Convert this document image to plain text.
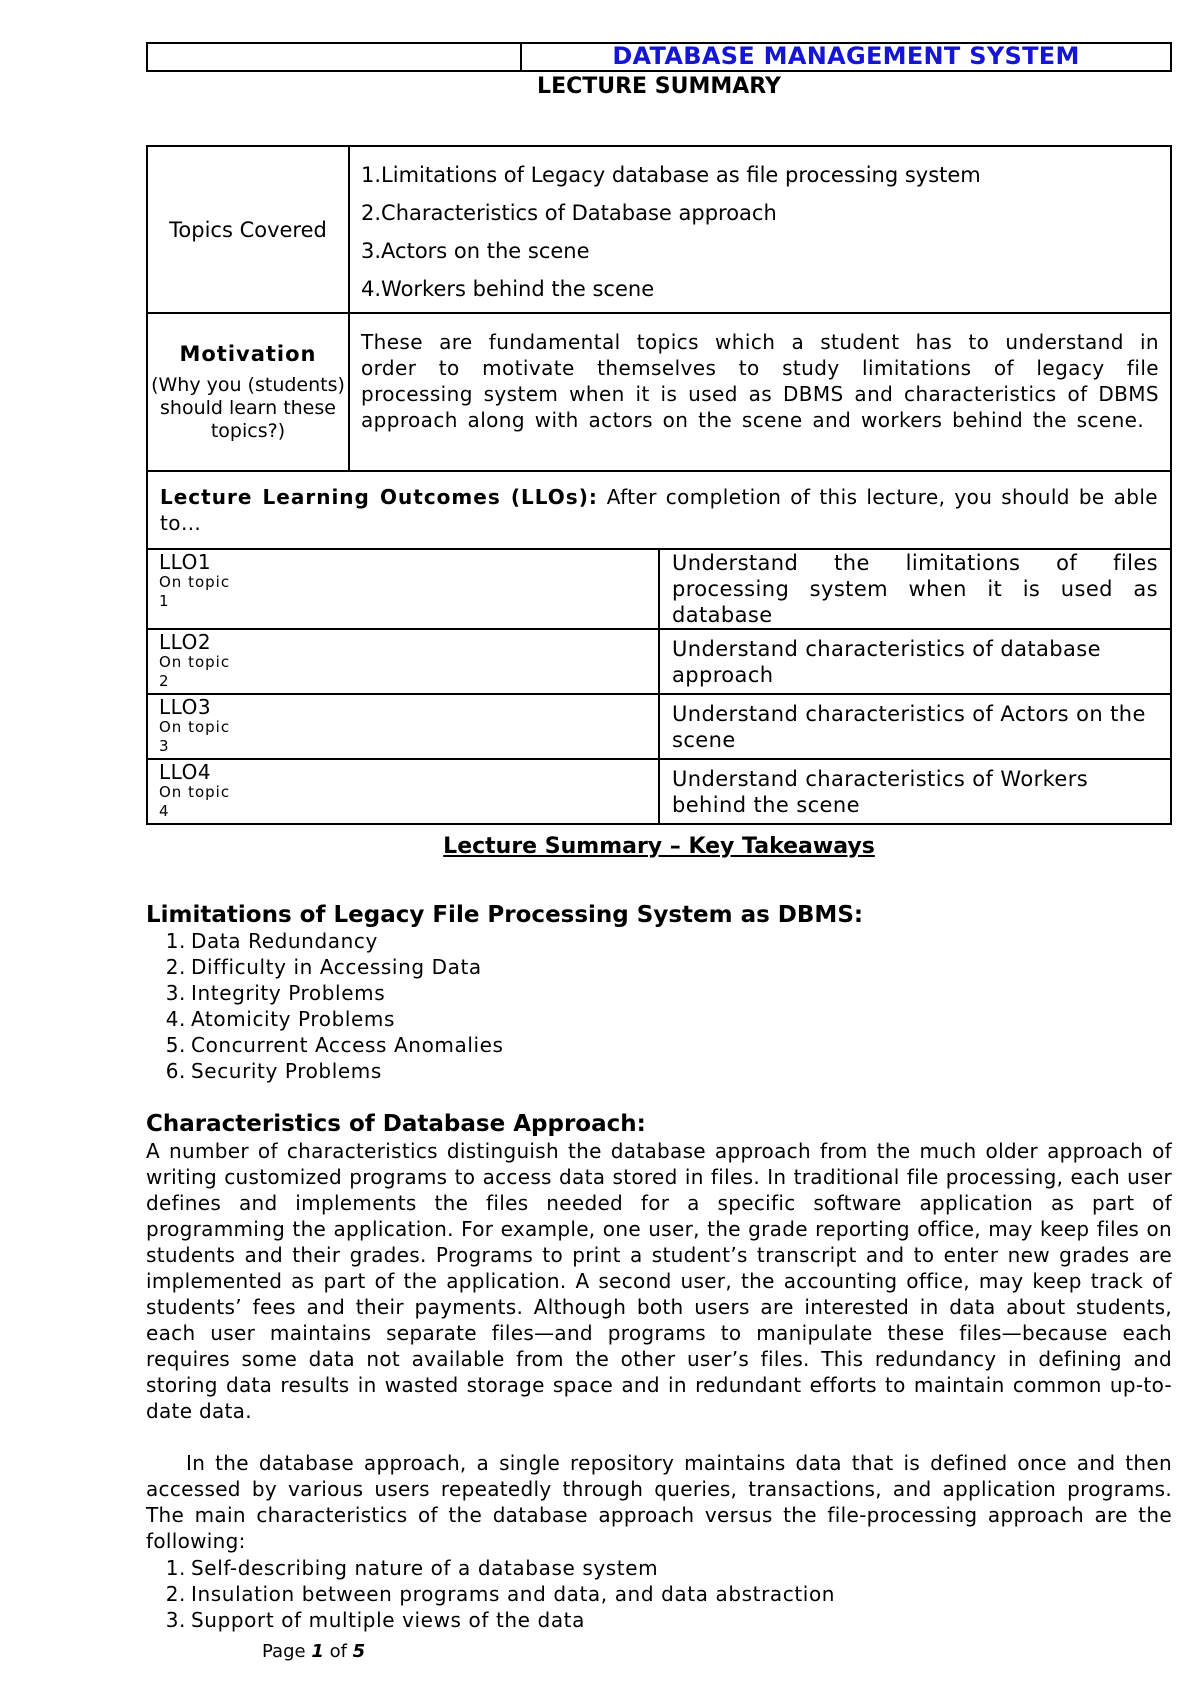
DATABASE MANAGEMENT SYSTEM
LECTURE SUMMARY
Topics Covered	1.Limitations of Legacy database as file processing system
2.Characteristics of Database approach
3.Actors on the scene
4.Workers behind the scene

Motivation
(Why you (students) should learn these topics?)	These are fundamental topics which a student has to understand in order to motivate themselves to study limitations of legacy file processing system when it is used as DBMS and characteristics of DBMS approach along with actors on the scene and workers behind the scene.
Lecture Learning Outcomes (LLOs): After completion of this lecture, you should be able to…	

LLO1
On topic
1	Understand the limitations of files processing system when it is used as database

LLO2
On topic
2	Understand characteristics of database approach

LLO3
On topic
3	Understand characteristics of Actors on the scene

LLO4
On topic
4	Understand characteristics of Workers behind the scene
Lecture Summary – Key Takeaways
Limitations of Legacy File Processing System as DBMS:
1. Data Redundancy
2. Difficulty in Accessing Data
3. Integrity Problems
4. Atomicity Problems
5. Concurrent Access Anomalies
6. Security Problems
Characteristics of Database Approach:
A number of characteristics distinguish the database approach from the much older approach of writing customized programs to access data stored in files. In traditional file processing, each user defines and implements the files needed for a specific software application as part of programming the application. For example, one user, the grade reporting office, may keep files on students and their grades. Programs to print a student’s transcript and to enter new grades are implemented as part of the application. A second user, the accounting office, may keep track of students’ fees and their payments. Although both users are interested in data about students, each user maintains separate files—and programs to manipulate these files—because each requires some data not available from the other user’s files. This redundancy in defining and storing data results in wasted storage space and in redundant efforts to maintain common up-to-date data.
In the database approach, a single repository maintains data that is defined once and then accessed by various users repeatedly through queries, transactions, and application programs. The main characteristics of the database approach versus the file-processing approach are the following:
1. Self-describing nature of a database system
2. Insulation between programs and data, and data abstraction
3. Support of multiple views of the data
Page 1 of 5
